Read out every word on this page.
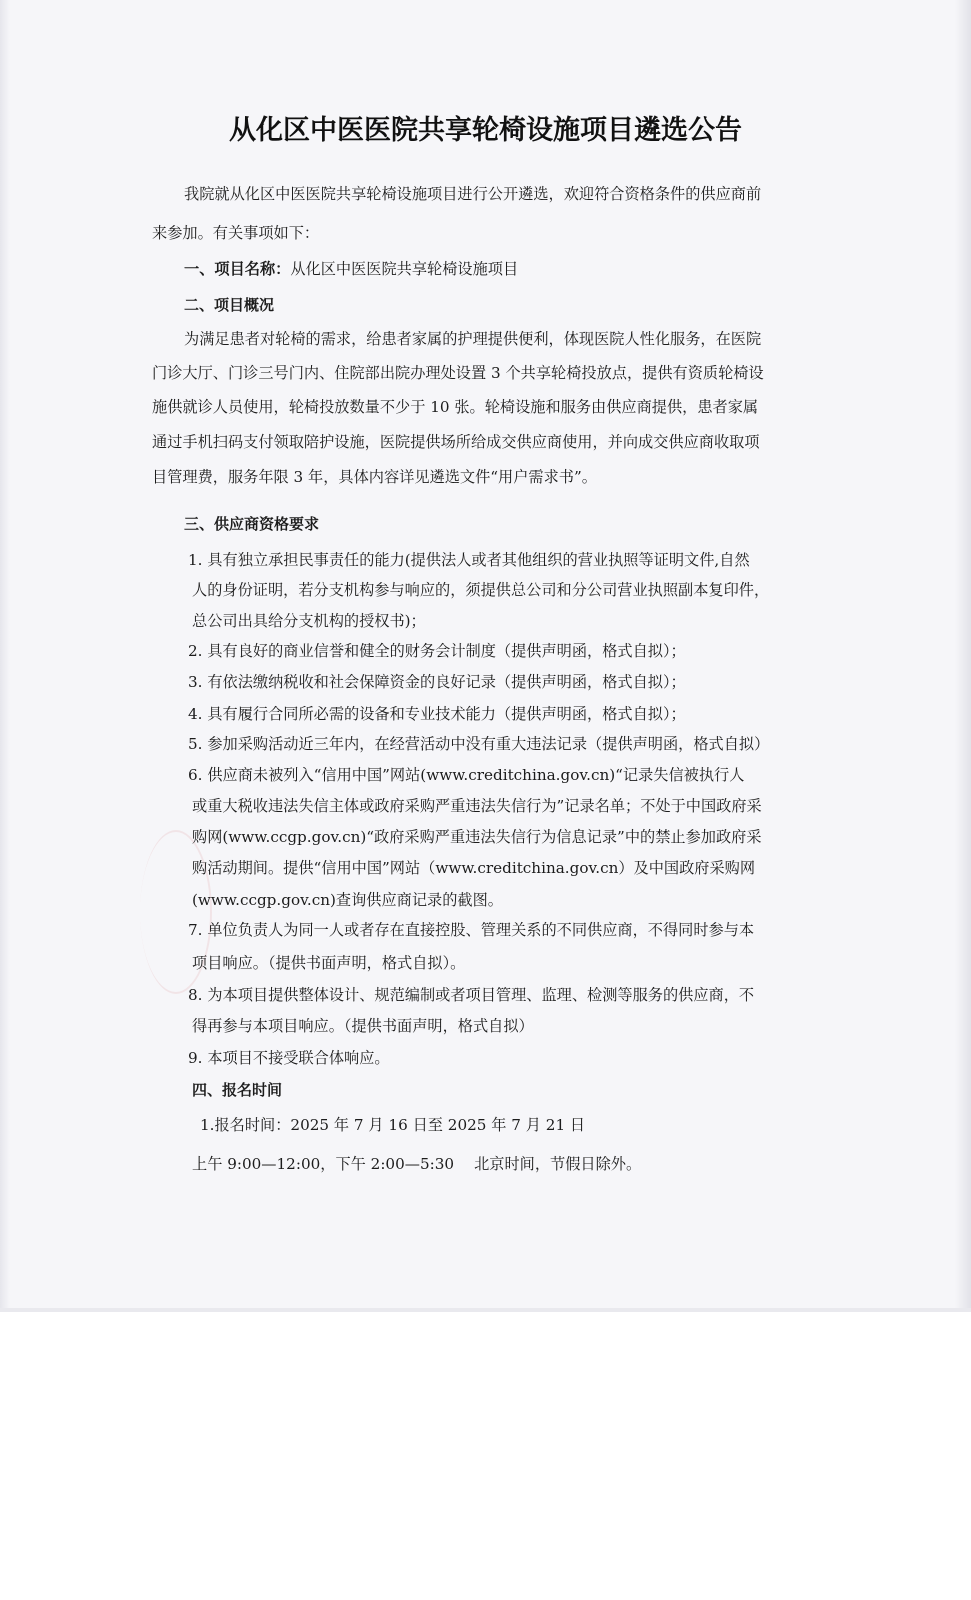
从化区中医医院共享轮椅设施项目遴选公告
我院就从化区中医医院共享轮椅设施项目进行公开遴选，欢迎符合资格条件的供应商前
来参加。有关事项如下：
一、项目名称：从化区中医医院共享轮椅设施项目
二、项目概况
为满足患者对轮椅的需求，给患者家属的护理提供便利，体现医院人性化服务，在医院
门诊大厅、门诊三号门内、住院部出院办理处设置 3 个共享轮椅投放点，提供有资质轮椅设
施供就诊人员使用，轮椅投放数量不少于 10 张。轮椅设施和服务由供应商提供，患者家属
通过手机扫码支付领取陪护设施，医院提供场所给成交供应商使用，并向成交供应商收取项
目管理费，服务年限 3 年，具体内容详见遴选文件“用户需求书”。
三、供应商资格要求
1. 具有独立承担民事责任的能力(提供法人或者其他组织的营业执照等证明文件,自然
人的身份证明，若分支机构参与响应的，须提供总公司和分公司营业执照副本复印件，
总公司出具给分支机构的授权书)；
2. 具有良好的商业信誉和健全的财务会计制度（提供声明函，格式自拟）；
3. 有依法缴纳税收和社会保障资金的良好记录（提供声明函，格式自拟）；
4. 具有履行合同所必需的设备和专业技术能力（提供声明函，格式自拟）；
5. 参加采购活动近三年内，在经营活动中没有重大违法记录（提供声明函，格式自拟）
6. 供应商未被列入“信用中国”网站(www.creditchina.gov.cn)“记录失信被执行人
或重大税收违法失信主体或政府采购严重违法失信行为”记录名单；不处于中国政府采
购网(www.ccgp.gov.cn)“政府采购严重违法失信行为信息记录”中的禁止参加政府采
购活动期间。提供“信用中国”网站（www.creditchina.gov.cn）及中国政府采购网
(www.ccgp.gov.cn)查询供应商记录的截图。
7. 单位负责人为同一人或者存在直接控股、管理关系的不同供应商，不得同时参与本
项目响应。（提供书面声明，格式自拟）。
8. 为本项目提供整体设计、规范编制或者项目管理、监理、检测等服务的供应商，不
得再参与本项目响应。（提供书面声明，格式自拟）
9. 本项目不接受联合体响应。
四、报名时间
1.报名时间：2025 年 7 月 16 日至 2025 年 7 月 21 日
上午 9:00—12:00，下午 2:00—5:30　 北京时间，节假日除外。
